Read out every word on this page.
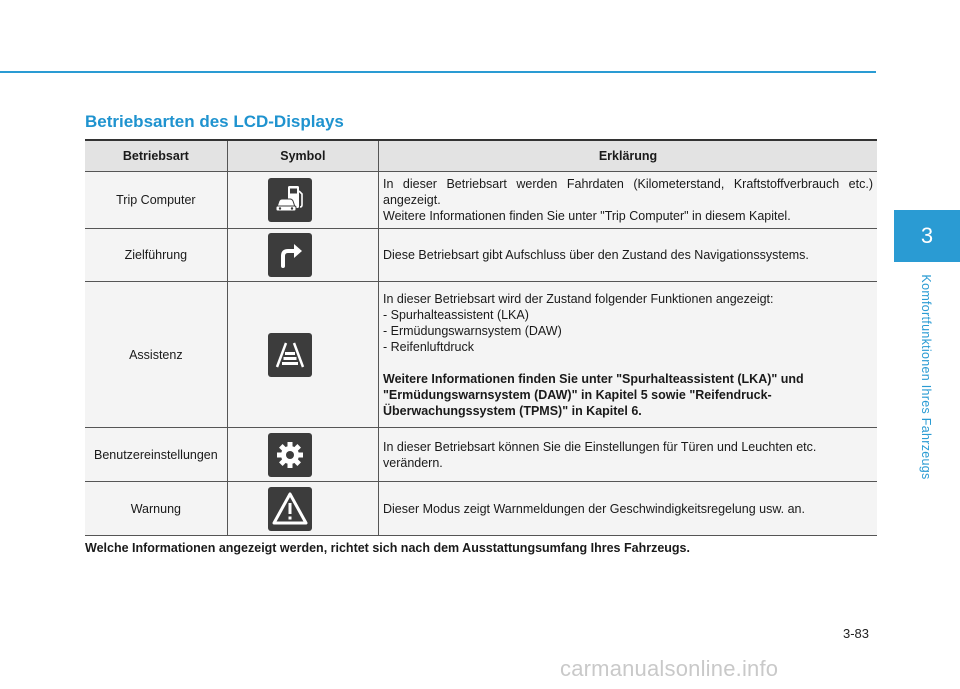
Betriebsarten des LCD-Displays
Betriebsart	Symbol	Erklärung
Trip Computer		In dieser Betriebsart werden Fahrdaten (Kilometerstand, Kraftstoffverbrauch etc.) angezeigt.
Weitere Informationen finden Sie unter "Trip Computer" in diesem Kapitel.

Zielführung		Diese Betriebsart gibt Aufschluss über den Zustand des Navigationssystems.

Assistenz		In dieser Betriebsart wird der Zustand folgender Funktionen angezeigt:
- Spurhalteassistent (LKA)
- Ermüdungswarnsystem (DAW)
- Reifenluftdruck
Weitere Informationen finden Sie unter "Spurhalteassistent (LKA)" und "Ermüdungswarnsystem (DAW)" in Kapitel 5 sowie "Reifendruck-Überwachungssystem (TPMS)" in Kapitel 6.

Benutzereinstellungen		In dieser Betriebsart können Sie die Einstellungen für Türen und Leuchten etc. verändern.

Warnung		Dieser Modus zeigt Warnmeldungen der Geschwindigkeitsregelung usw. an.

Welche Informationen angezeigt werden, richtet sich nach dem Ausstattungsumfang Ihres Fahrzeugs.

3
Komfortfunktionen Ihres Fahrzeugs
3-83
carmanualsonline.info
